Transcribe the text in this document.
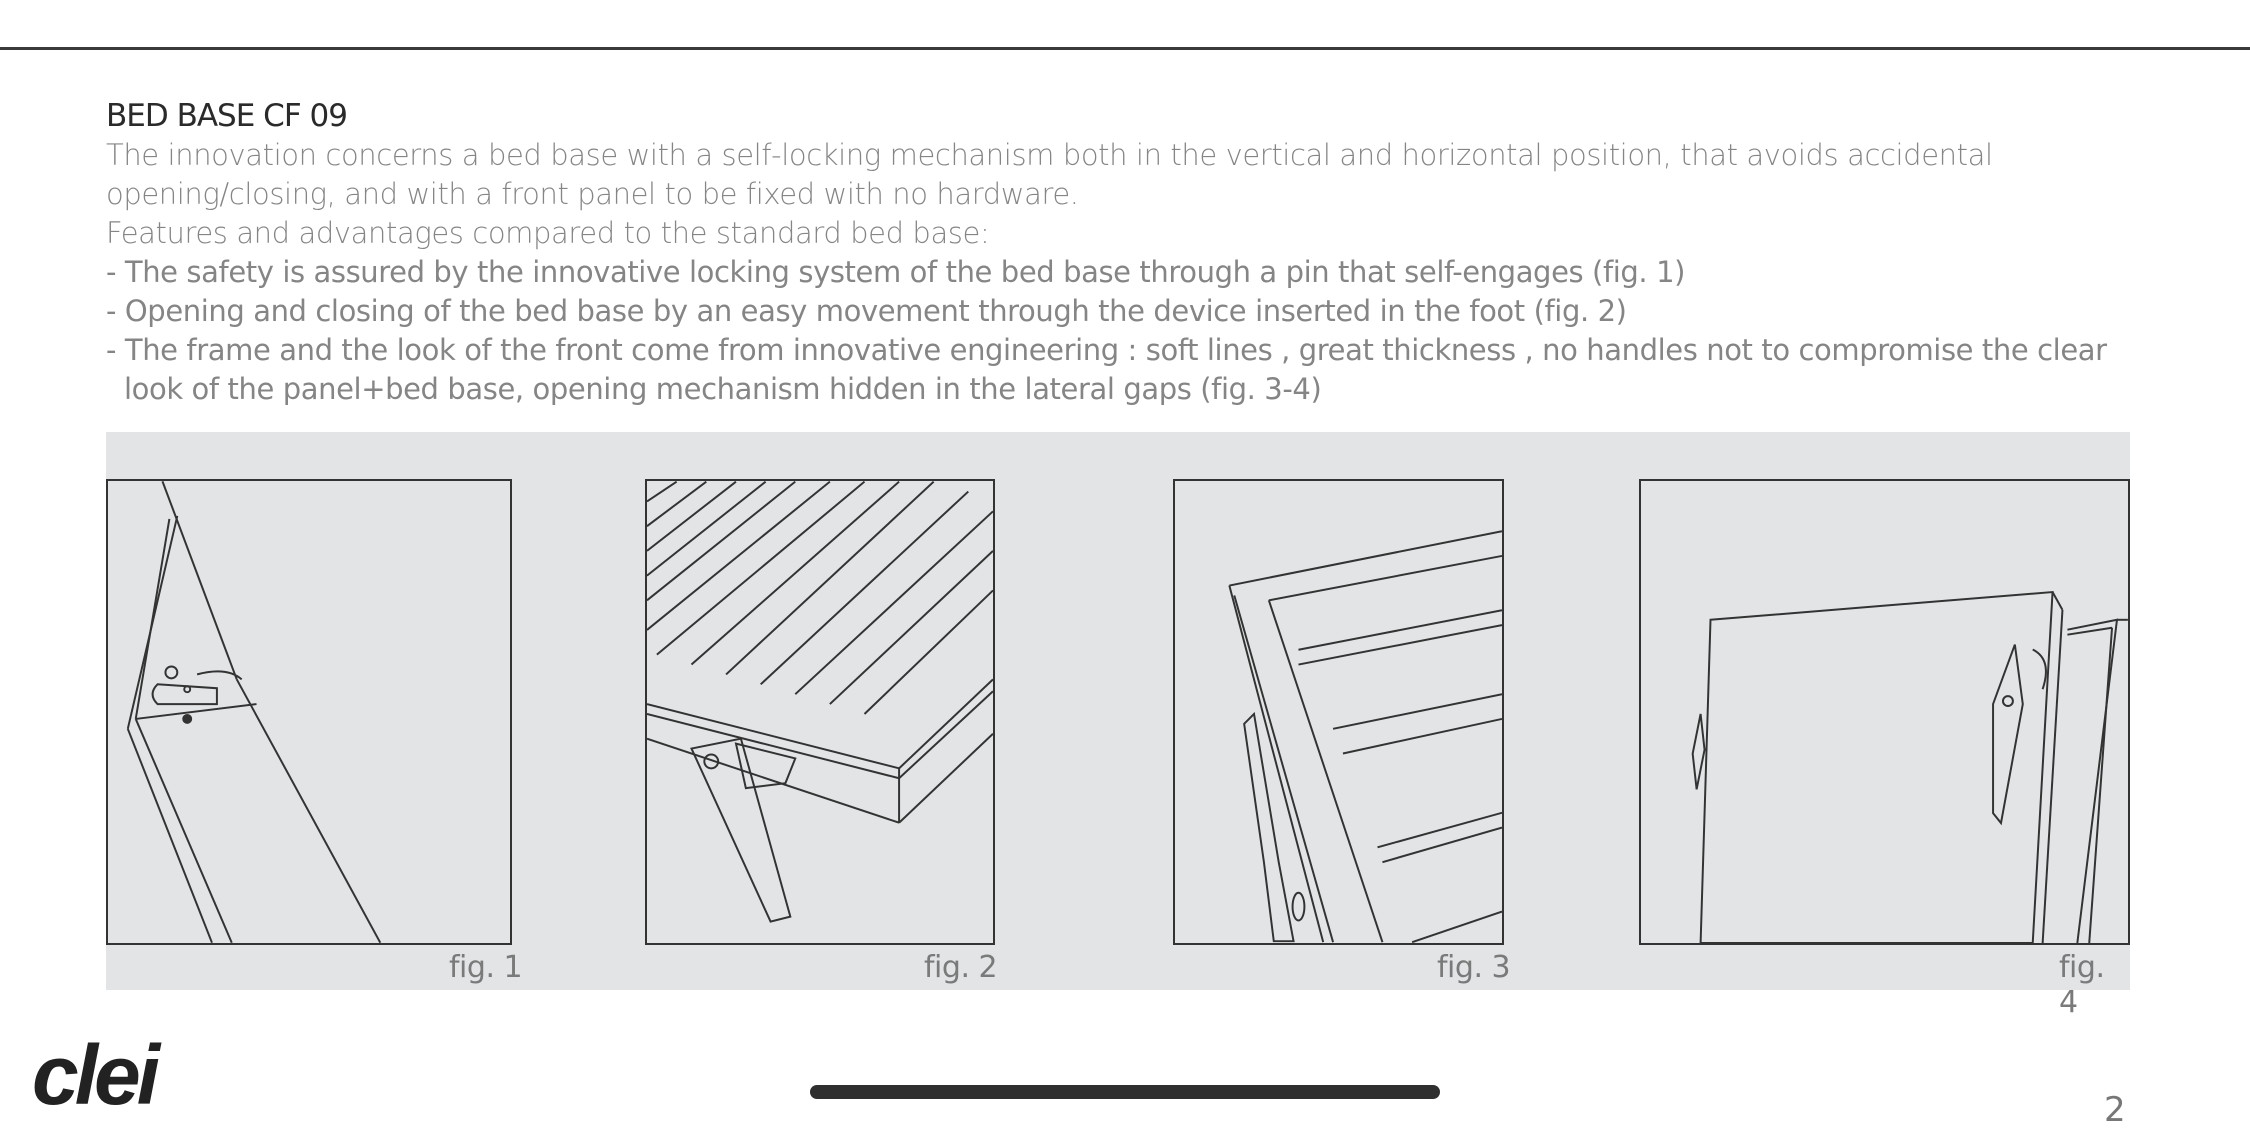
BED BASE CF 09
The innovation concerns a bed base with a self-locking mechanism both in the vertical and horizontal position, that avoids accidental opening/closing, and with a front panel to be fixed with no hardware.
Features and advantages compared to the standard bed base:
- The safety is assured by the innovative locking system of the bed base through a pin that self-engages (fig. 1)
- Opening and closing of the bed base by an easy movement through the device inserted in the foot (fig. 2)
- The frame and the look of the front come from innovative engineering : soft lines , great thickness , no handles not to compromise the clear look of the panel+bed base, opening mechanism hidden in the lateral gaps (fig. 3-4)
fig. 1	fig. 2	fig. 3	fig. 4
clei	2
